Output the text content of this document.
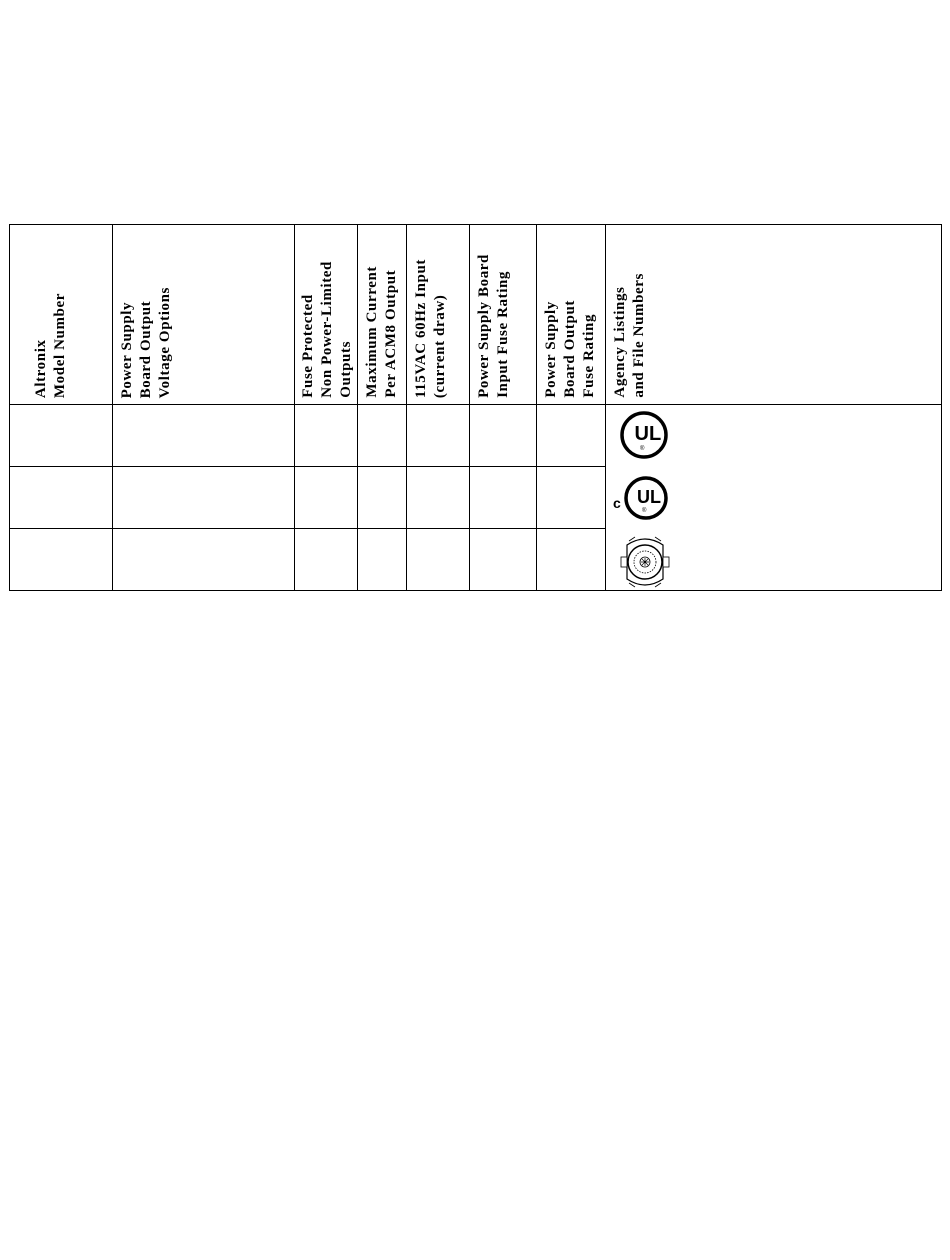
Altronix Model Number	Power Supply Board Output Voltage Options	Fuse Protected Non Power-Limited Outputs	Maximum Current Per ACM8 Output	115VAC 60Hz Input (current draw)	Power Supply Board Input Fuse Rating	Power Supply Board Output Fuse Rating	Agency Listings and File Numbers

UL
®
c UL
®
